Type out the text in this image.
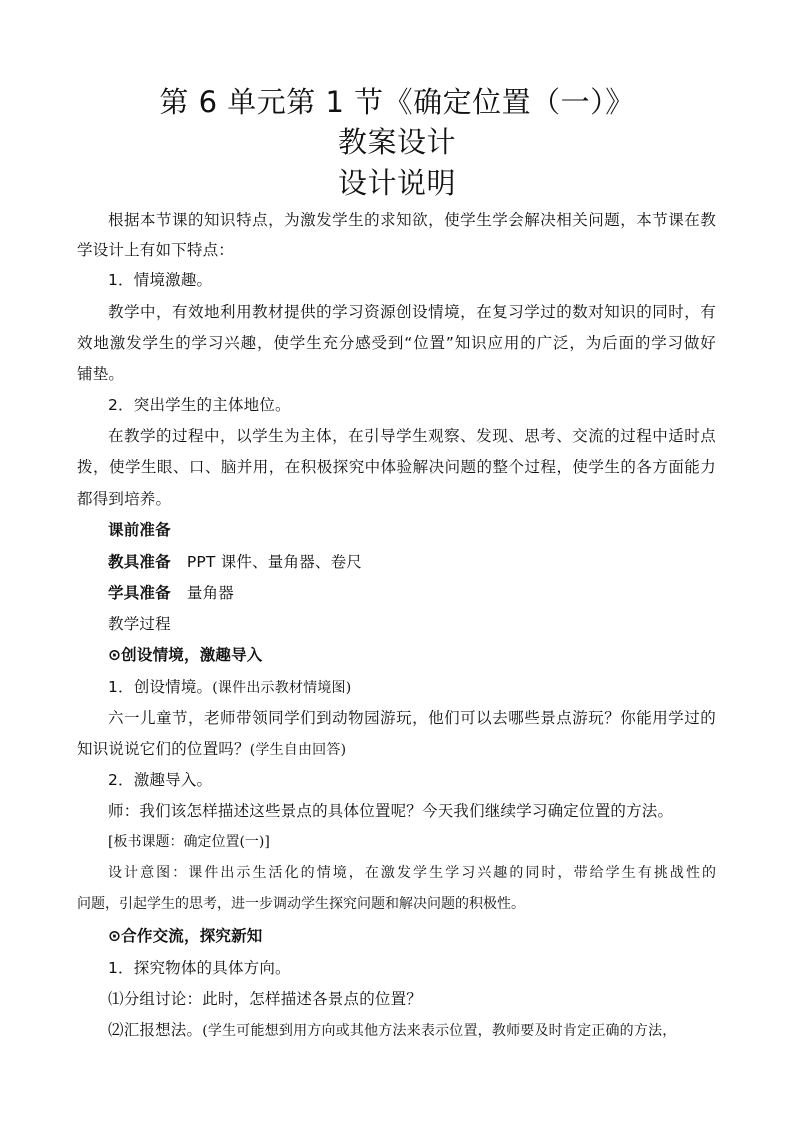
第 6 单元第 1 节《确定位置（一）》
教案设计
设计说明
根据本节课的知识特点，为激发学生的求知欲，使学生学会解决相关问题，本节课在教
学设计上有如下特点：
1．情境激趣。
教学中，有效地利用教材提供的学习资源创设情境，在复习学过的数对知识的同时，有
效地激发学生的学习兴趣，使学生充分感受到“位置”知识应用的广泛，为后面的学习做好
铺垫。
2．突出学生的主体地位。
在教学的过程中，以学生为主体，在引导学生观察、发现、思考、交流的过程中适时点
拨，使学生眼、口、脑并用，在积极探究中体验解决问题的整个过程，使学生的各方面能力
都得到培养。
课前准备
教具准备 PPT 课件、量角器、卷尺
学具准备 量角器
教学过程
⊙创设情境，激趣导入
1．创设情境。(课件出示教材情境图)
六一儿童节，老师带领同学们到动物园游玩，他们可以去哪些景点游玩？你能用学过的
知识说说它们的位置吗？(学生自由回答)
2．激趣导入。
师：我们该怎样描述这些景点的具体位置呢？今天我们继续学习确定位置的方法。
[板书课题：确定位置(一)]
设计意图：课件出示生活化的情境，在激发学生学习兴趣的同时，带给学生有挑战性的
问题，引起学生的思考，进一步调动学生探究问题和解决问题的积极性。
⊙合作交流，探究新知
1．探究物体的具体方向。
⑴分组讨论：此时，怎样描述各景点的位置？
⑵汇报想法。(学生可能想到用方向或其他方法来表示位置，教师要及时肯定正确的方法，
